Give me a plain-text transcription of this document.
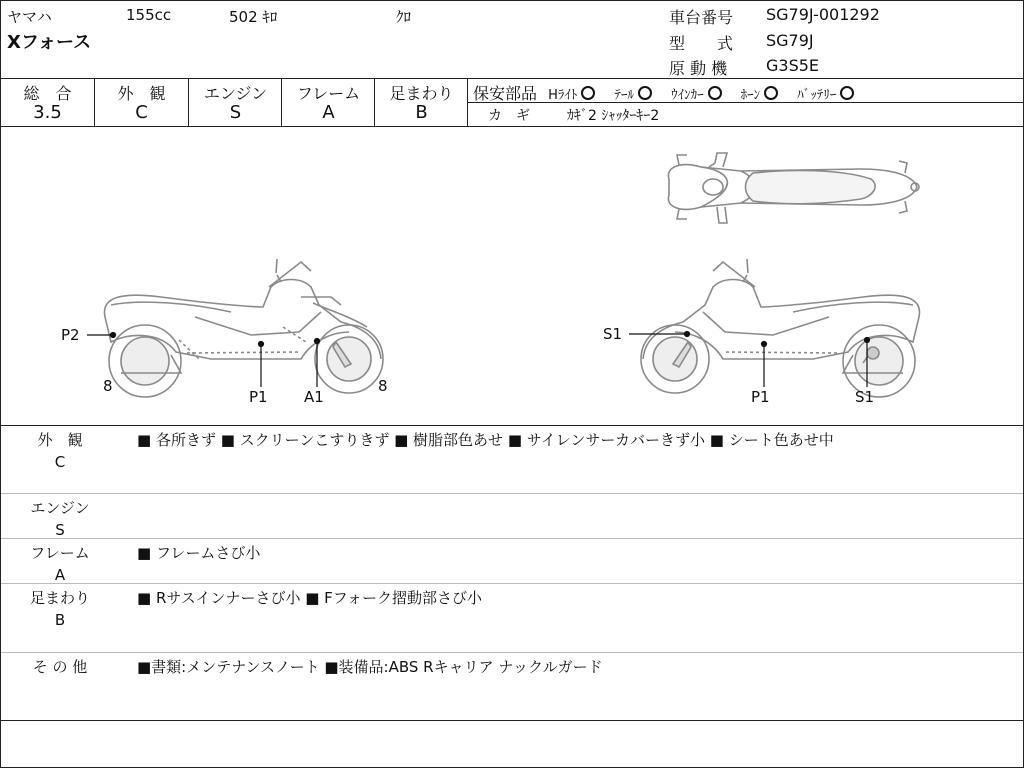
ヤマハ	155cc	502 ｷﾛ	ｸﾛ
Xフォース
車台番号 SG79J-001292
型　　式 SG79J
原 動 機 G3S5E
総　合	外　観	エンジン	フレーム	足まわり
3.5	C	S	A	B
保安部品 Hﾗｲﾄ	ﾃｰﾙ	ｳｲﾝｶｰ	ﾎｰﾝ	ﾊﾞｯﾃﾘｰ
カ　ギ	ｶｷﾞ2 ｼｬｯﾀｰｷｰ2
P2
8
P1 A1
8
S1
P1	S1
外　観
C
■ 各所きず ■ スクリーンこすりきず ■ 樹脂部色あせ ■ サイレンサーカバーきず小 ■ シート色あせ中
エンジン
S
フレーム
A
■ フレームさび小
足まわり
B
■ Rサスインナーさび小 ■ Fフォーク摺動部さび小
そ の 他	■書類:メンテナンスノート ■装備品:ABS Rキャリア ナックルガード
